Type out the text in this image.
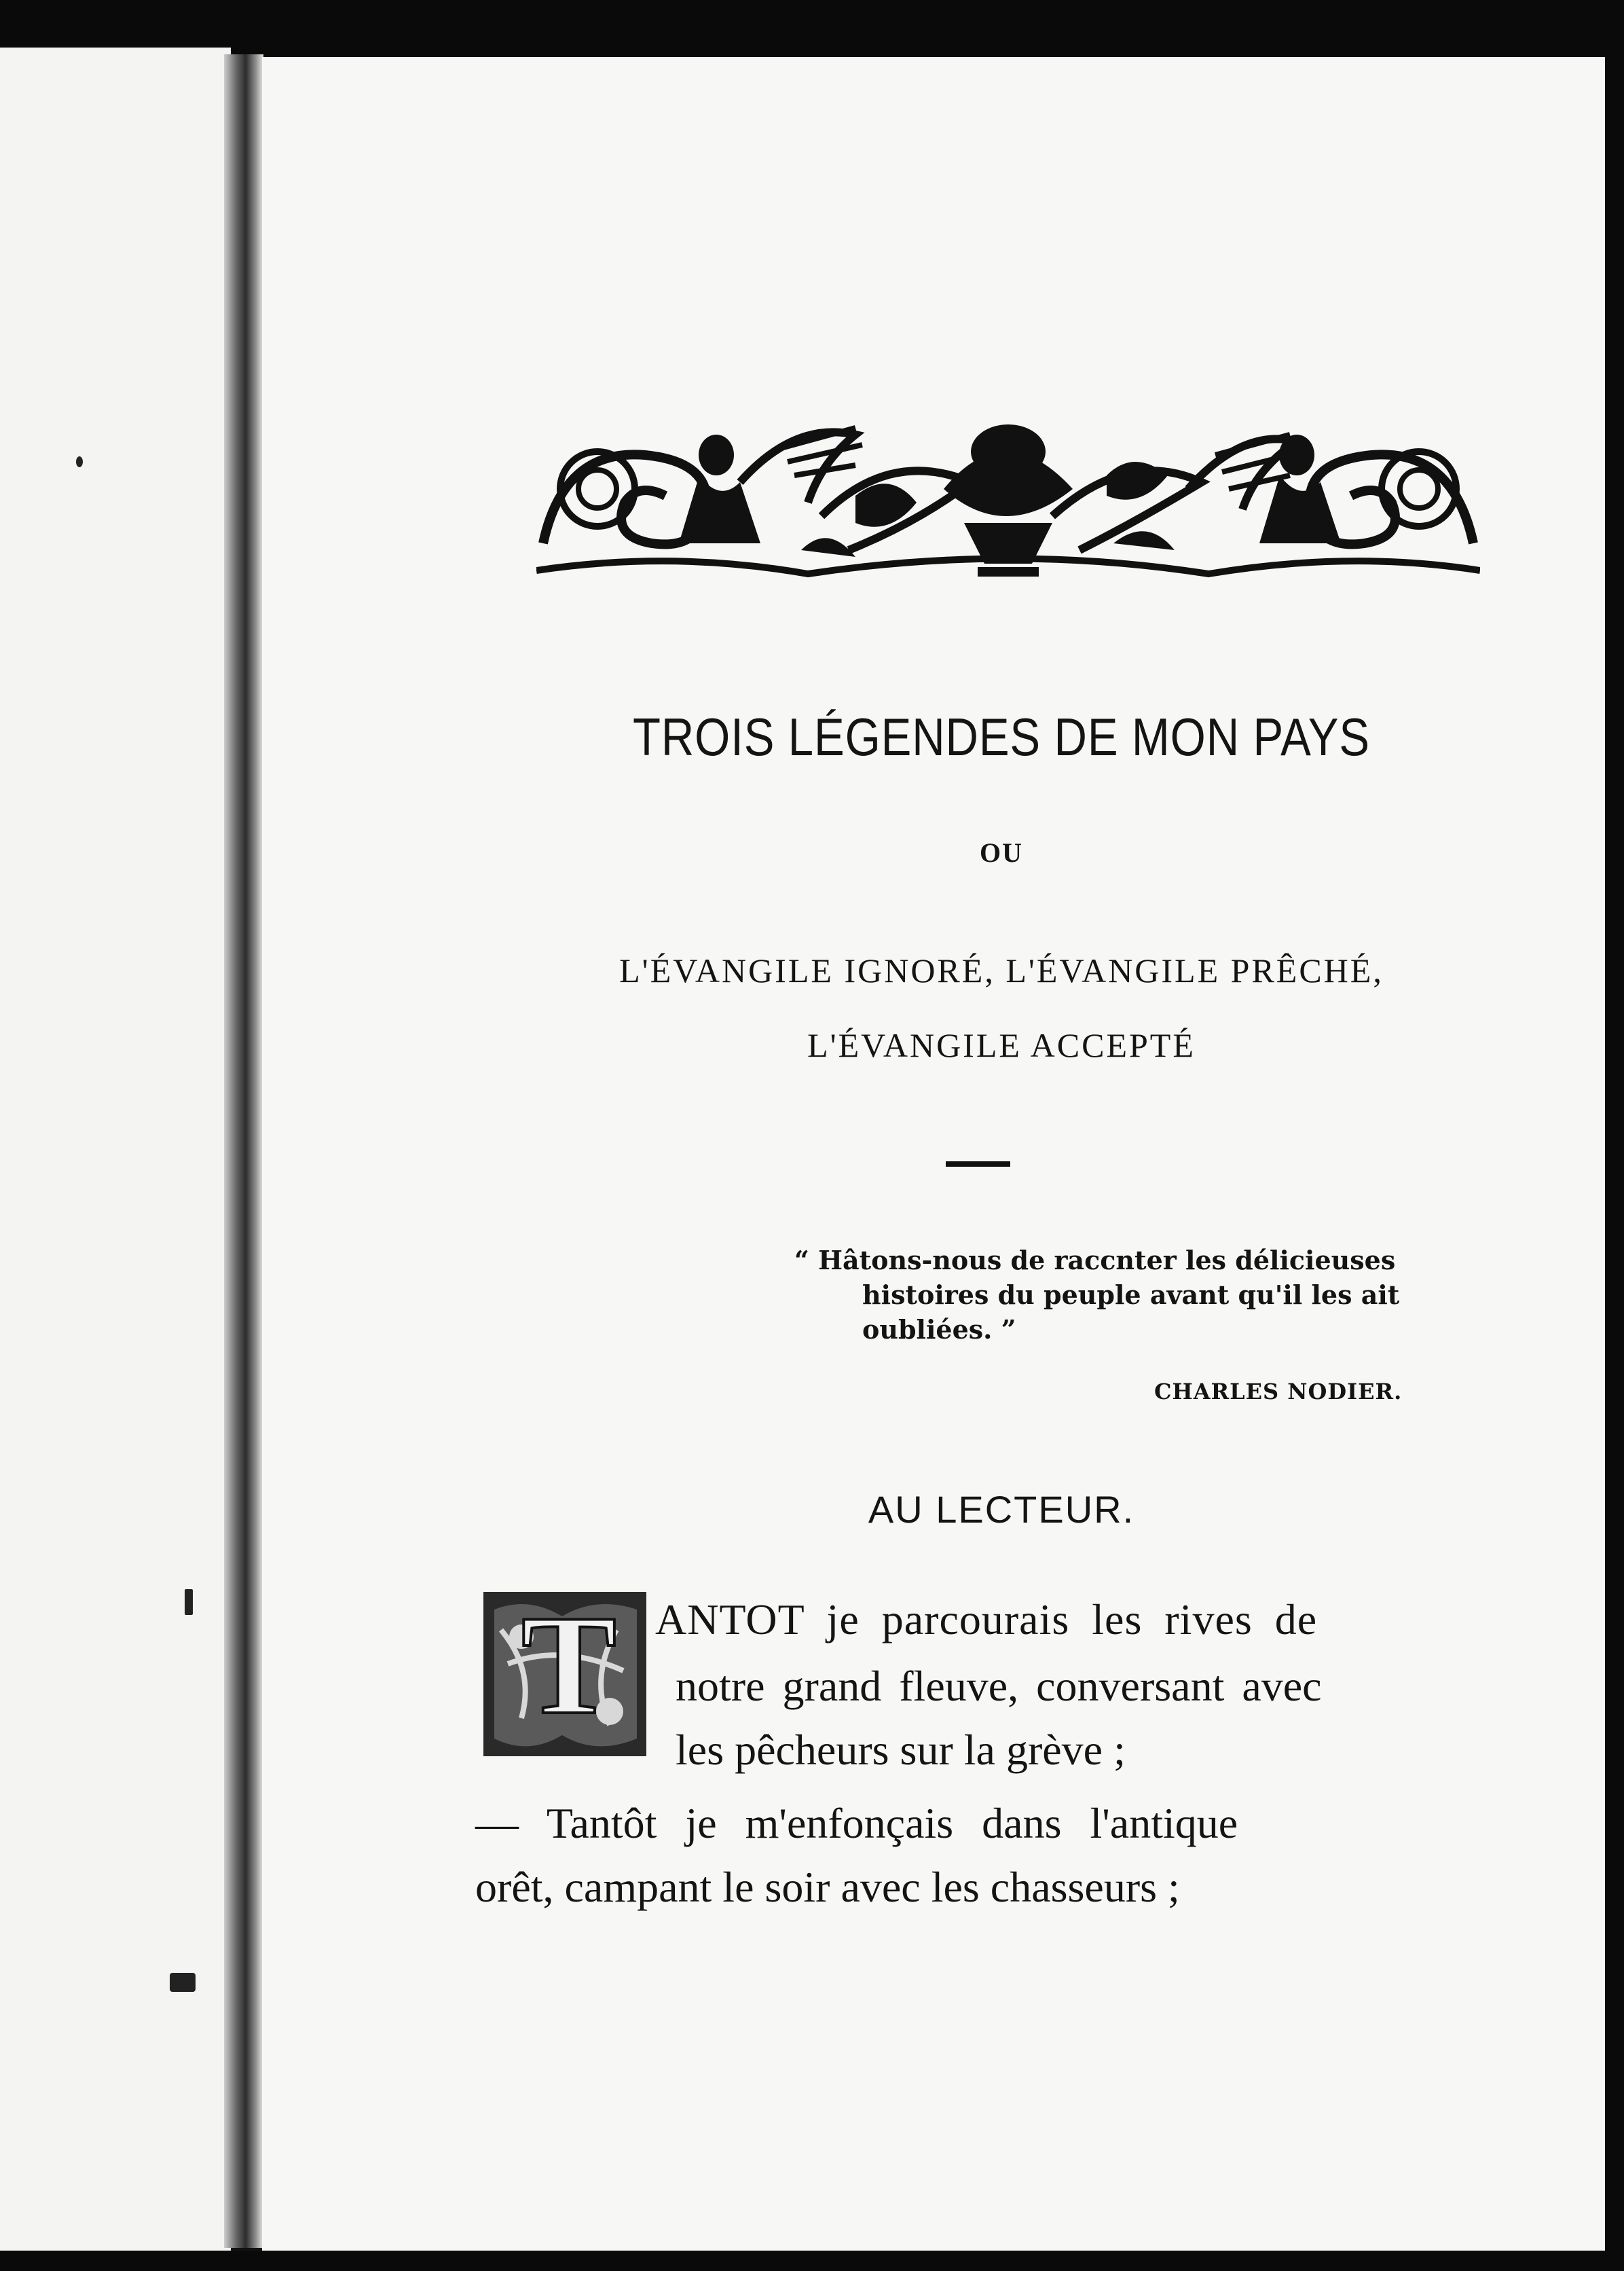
TROIS LÉGENDES DE MON PAYS
OU
L'ÉVANGILE IGNORÉ, L'ÉVANGILE PRÊCHÉ,
L'ÉVANGILE ACCEPTÉ
“ Hâtons-nous de raccnter les délicieuses
histoires du peuple avant qu'il les ait
oubliées. ”
CHARLES NODIER.
AU LECTEUR.
T ANTOT je parcourais les rives de
notre grand fleuve, conversant avec
les pêcheurs sur la grève ;
— Tantôt je m'enfonçais dans l'antique
orêt, campant le soir avec les chasseurs ;
